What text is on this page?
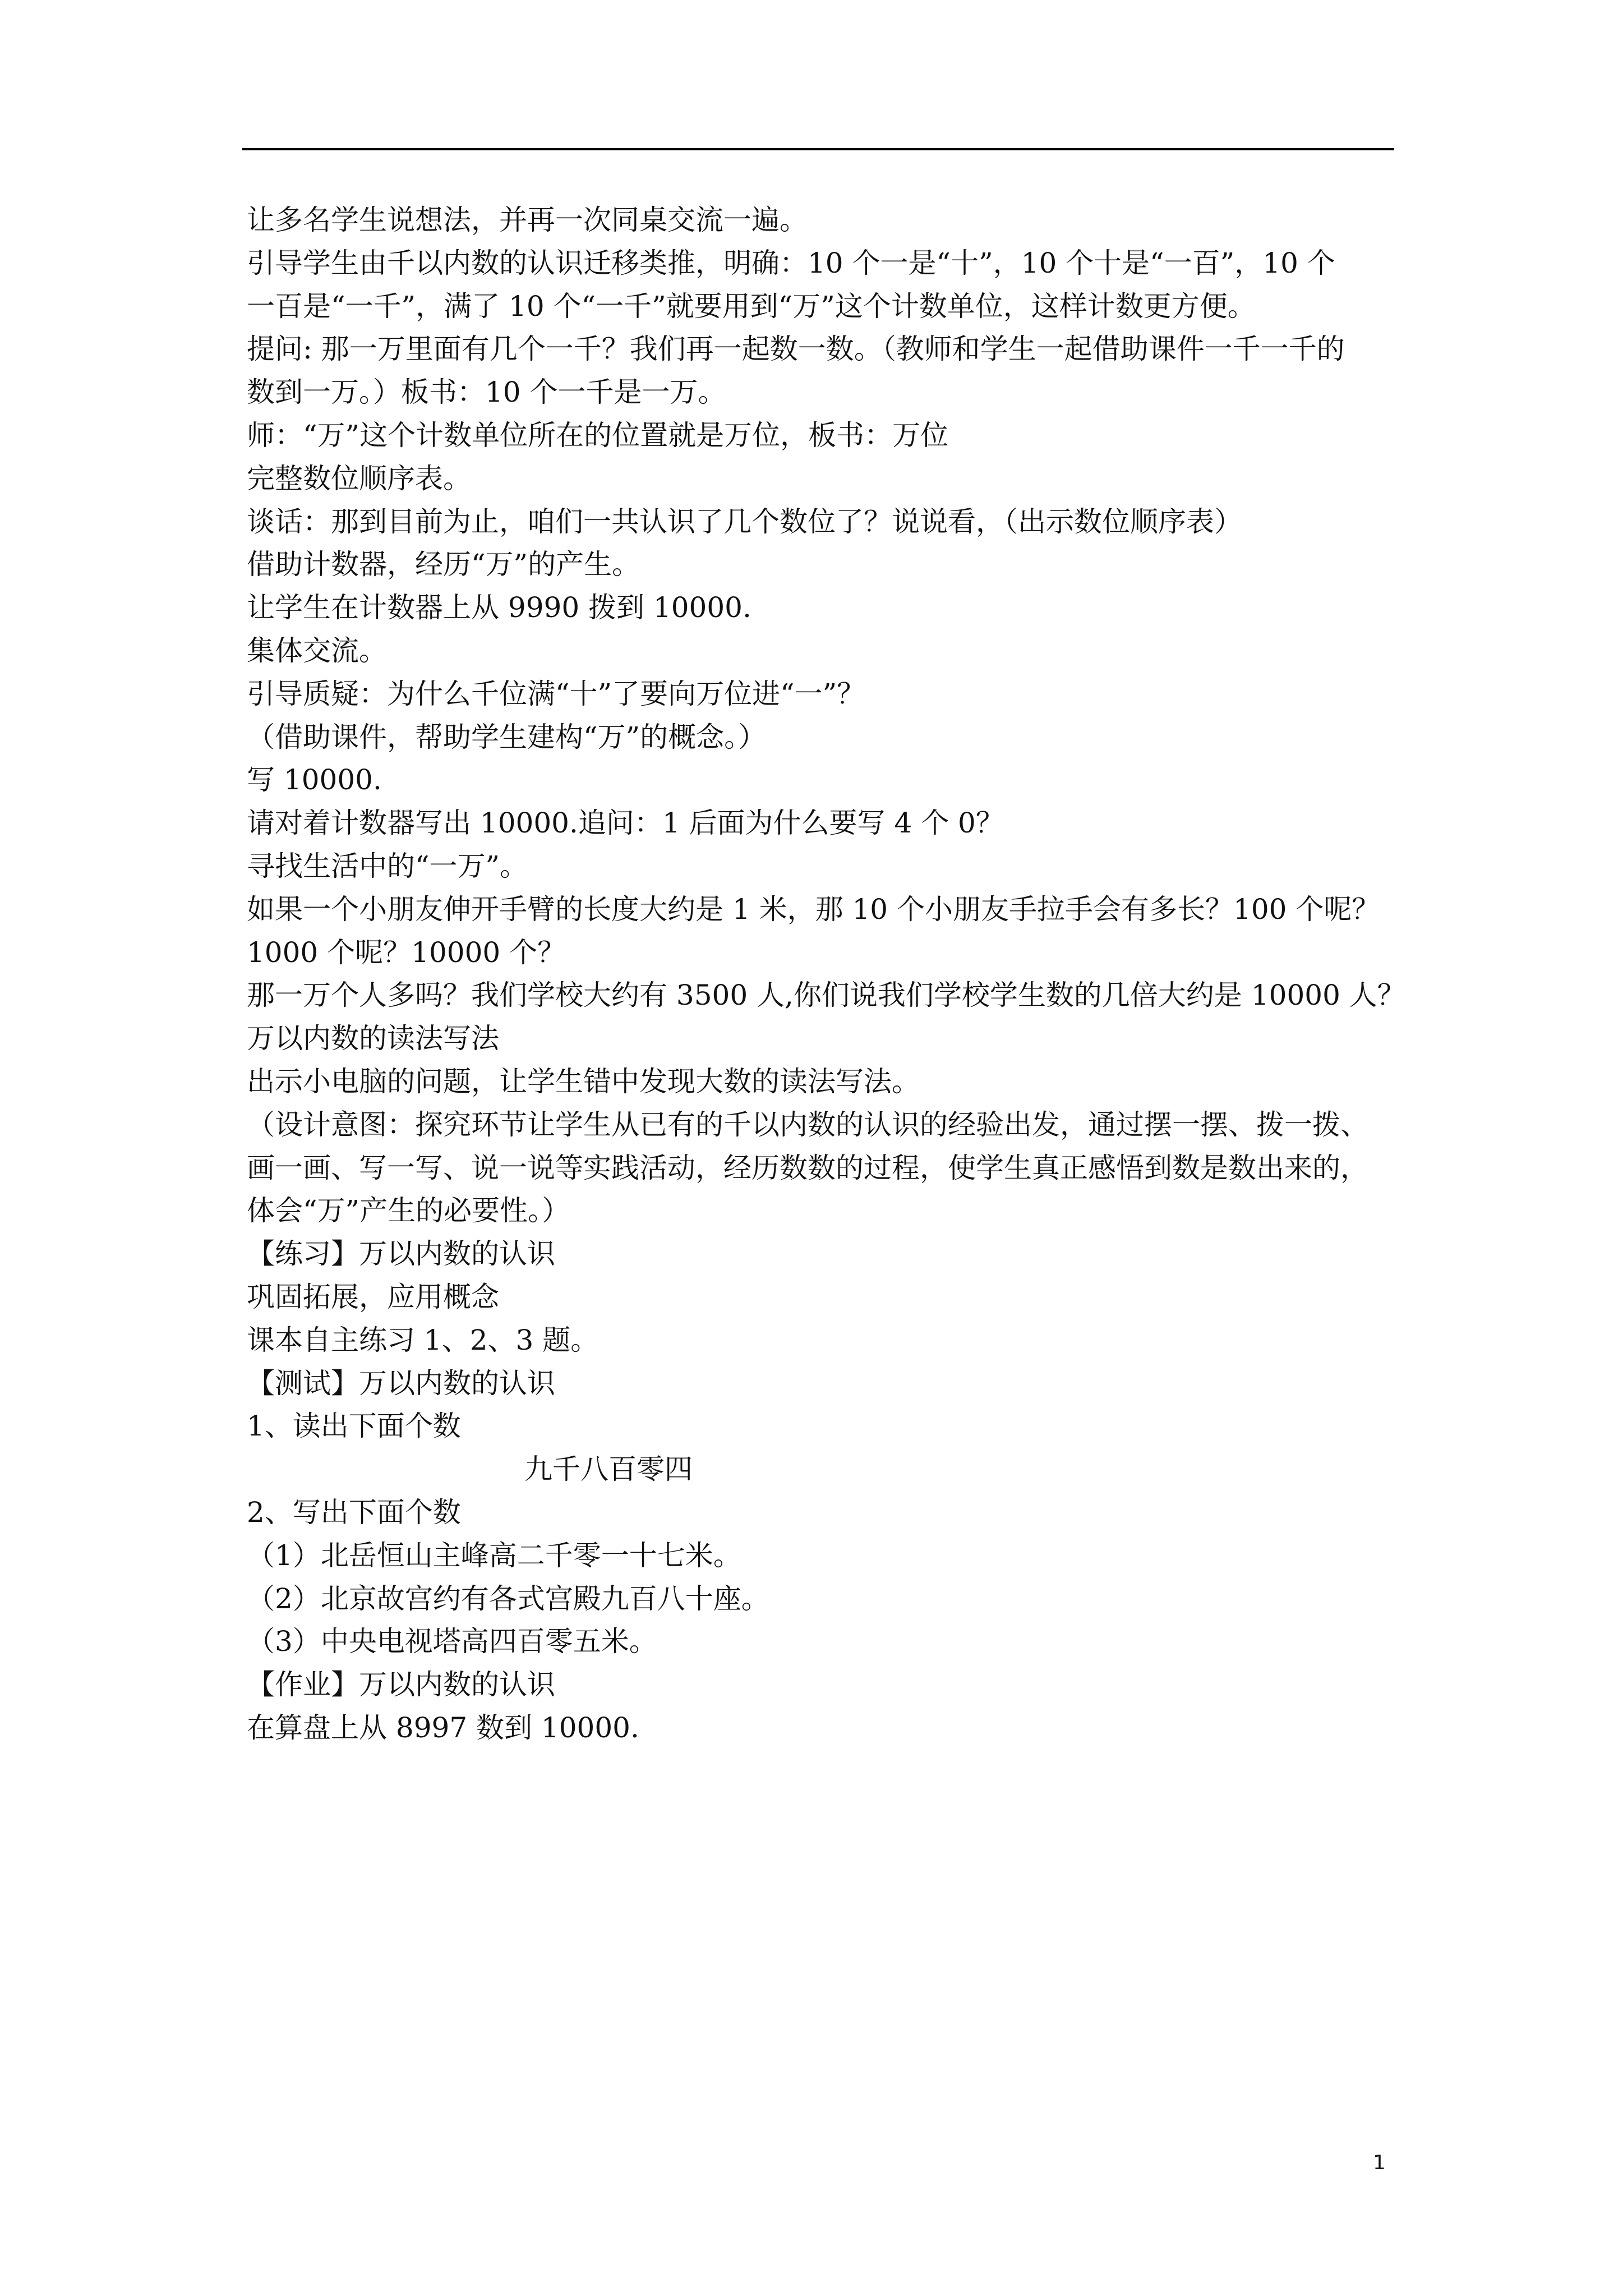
让多名学生说想法，并再一次同桌交流一遍。
引导学生由千以内数的认识迁移类推，明确：10 个一是“十”，10 个十是“一百”，10 个
一百是“一千”，满了 10 个“一千”就要用到“万”这个计数单位，这样计数更方便。
提问: 那一万里面有几个一千？我们再一起数一数。（教师和学生一起借助课件一千一千的
数到一万。）板书：10 个一千是一万。
师：“万”这个计数单位所在的位置就是万位，板书：万位
完整数位顺序表。
谈话：那到目前为止，咱们一共认识了几个数位了？说说看，（出示数位顺序表）
借助计数器，经历“万”的产生。
让学生在计数器上从 9990 拨到 10000.
集体交流。
引导质疑：为什么千位满“十”了要向万位进“一”？
（借助课件，帮助学生建构“万”的概念。）
写 10000.
请对着计数器写出 10000.追问：1 后面为什么要写 4 个 0？
寻找生活中的“一万”。
如果一个小朋友伸开手臂的长度大约是 1 米，那 10 个小朋友手拉手会有多长？100 个呢？
1000 个呢？10000 个？
那一万个人多吗？我们学校大约有 3500 人,你们说我们学校学生数的几倍大约是 10000 人？
万以内数的读法写法
出示小电脑的问题，让学生错中发现大数的读法写法。
（设计意图：探究环节让学生从已有的千以内数的认识的经验出发，通过摆一摆、拨一拨、
画一画、写一写、说一说等实践活动，经历数数的过程，使学生真正感悟到数是数出来的，
体会“万”产生的必要性。）
【练习】万以内数的认识
巩固拓展，应用概念
课本自主练习 1、2、3 题。
【测试】万以内数的认识
1、读出下面个数
九千八百零四
2、写出下面个数
（1）北岳恒山主峰高二千零一十七米。
（2）北京故宫约有各式宫殿九百八十座。
（3）中央电视塔高四百零五米。
【作业】万以内数的认识
在算盘上从 8997 数到 10000.
1
